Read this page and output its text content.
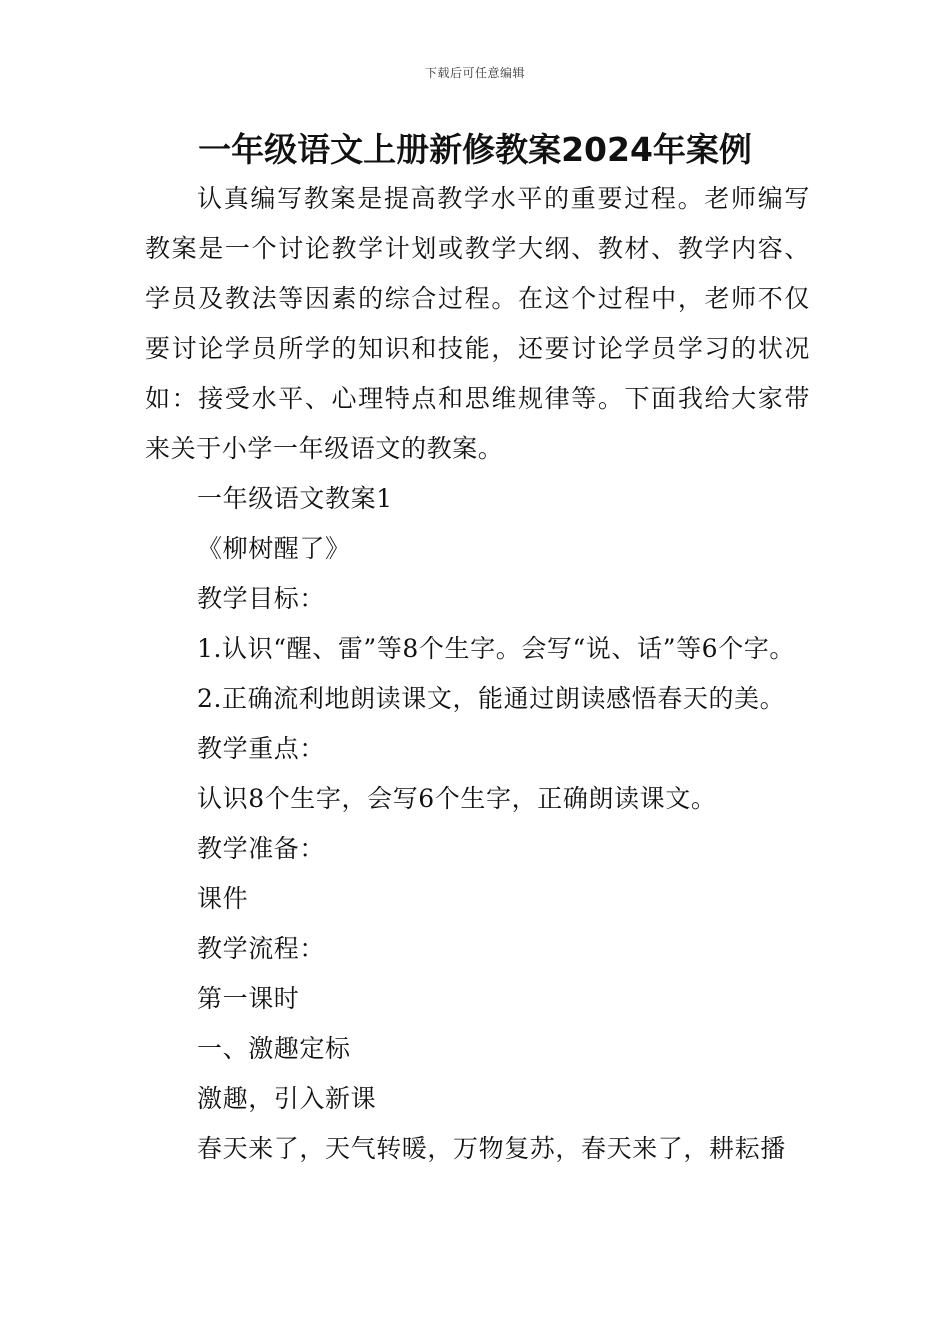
下载后可任意编辑
一年级语文上册新修教案2024年案例

认真编写教案是提高教学水平的重要过程。老师编写教案是一个讨论教学计划或教学大纲、教材、教学内容、学员及教法等因素的综合过程。在这个过程中，老师不仅要讨论学员所学的知识和技能，还要讨论学员学习的状况如：接受水平、心理特点和思维规律等。下面我给大家带来关于小学一年级语文的教案。

一年级语文教案1

《柳树醒了》

教学目标：

1.认识“醒、雷”等8个生字。会写“说、话”等6个字。

2.正确流利地朗读课文，能通过朗读感悟春天的美。

教学重点：

认识8个生字，会写6个生字，正确朗读课文。

教学准备：

课件

教学流程：

第一课时

一、激趣定标

激趣，引入新课

春天来了，天气转暖，万物复苏，春天来了，耕耘播
